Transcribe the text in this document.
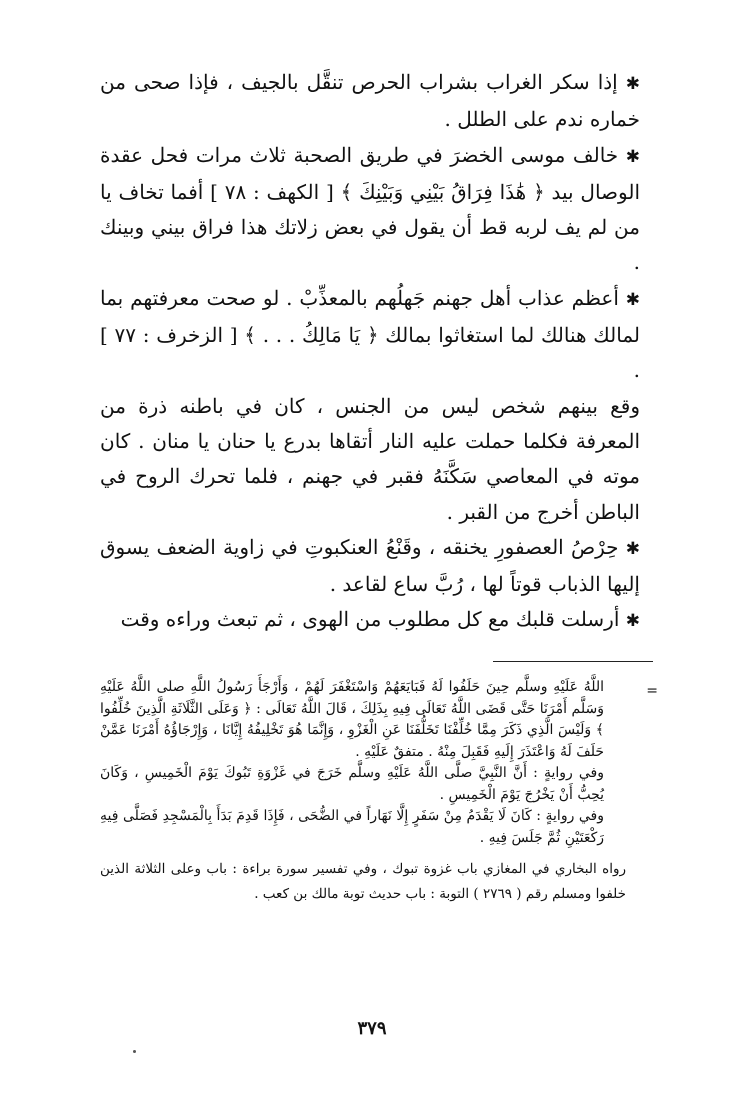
✱ إذا سكر الغراب بشراب الحرص تنقَّل بالجيف ، فإذا صحى من خماره ندم على الطلل .

✱ خالف موسى الخضرَ في طريق الصحبة ثلاث مرات فحل عقدة الوصال بيد ﴿ هَٰذَا فِرَاقُ بَيْنِي وَبَيْنِكَ ﴾ [ الكهف : ٧٨ ] أفما تخاف يا من لم يف لربه قط أن يقول في بعض زلاتك هذا فراق بيني وبينك .

✱ أعظم عذاب أهل جهنم جَهلُهم بالمعذِّبْ . لو صحت معرفتهم بما لمالك هنالك لما استغاثوا بمالك ﴿ يَا مَالِكُ . . . ﴾ [ الزخرف : ٧٧ ] .

وقع بينهم شخص ليس من الجنس ، كان في باطنه ذرة من المعرفة فكلما حملت عليه النار أتقاها بدرع يا حنان يا منان . كان موته في المعاصي سَكَّنَهُ فقبر في جهنم ، فلما تحرك الروح في الباطن أخرج من القبر .

✱ حِرْصُ العصفورِ يخنقه ، وقَنْعُ العنكبوتِ في زاوية الضعف يسوق إليها الذباب قوتاً لها ، رُبَّ ساع لقاعد .

✱ أرسلت قلبك مع كل مطلوب من الهوى ، ثم تبعث وراءه وقت

=

اللَّهُ عَلَيْهِ وسلَّم حِينَ حَلَفُوا لَهُ فَبَايَعَهُمْ وَاسْتَغْفَرَ لَهُمْ ، وَأَرْجَأَ رَسُولُ اللَّهِ صلى اللَّهُ عَلَيْهِ وَسَلَّم أَمْرَنَا حَتَّى قَضَى اللَّهُ تَعَالَى فِيهِ بِذَلِكَ ، قَالَ اللَّهُ تَعَالَى : ﴿ وَعَلَى الثَّلَاثَةِ الَّذِينَ خُلِّفُوا ﴾ وَلَيْسَ الَّذِي ذَكَرَ مِمَّا خُلِّفْنَا تَخَلُّفَنَا عَنِ الْغَزْوِ ، وَإِنَّمَا هُوَ تَخْلِيفُهُ إِيَّانَا ، وَإِرْجَاؤُهُ أَمْرَنَا عَمَّنْ حَلَفَ لَهُ وَاعْتَذَرَ إِلَيهِ فَقَبِلَ مِنْهُ . متفقٌ عَلَيْهِ .

وفي روايةٍ : أَنَّ النَّبِيَّ صلَّى اللَّهُ عَلَيْهِ وسلَّم خَرَجَ في غَزْوَةِ تَبُوكَ يَوْمَ الْخَمِيسِ ، وَكَانَ يُحِبُّ أَنْ يَخْرُجَ يَوْمَ الْخَمِيسِ .

وفي روايةٍ : كَانَ لَا يَقْدَمُ مِنْ سَفَرٍ إِلَّا نَهَاراً في الضُّحَى ، فَإِذَا قَدِمَ بَدَأَ بِالْمَسْجِدِ فَصَلَّى فِيهِ رَكْعَتَيْنِ ثُمَّ جَلَسَ فِيهِ .

رواه البخاري في المغازي باب غزوة تبوك ، وفي تفسير سورة براءة : باب وعلى الثلاثة الذين خلفوا ومسلم رقم ( ٢٧٦٩ ) التوبة : باب حديث توبة مالك بن كعب .

٣٧٩
